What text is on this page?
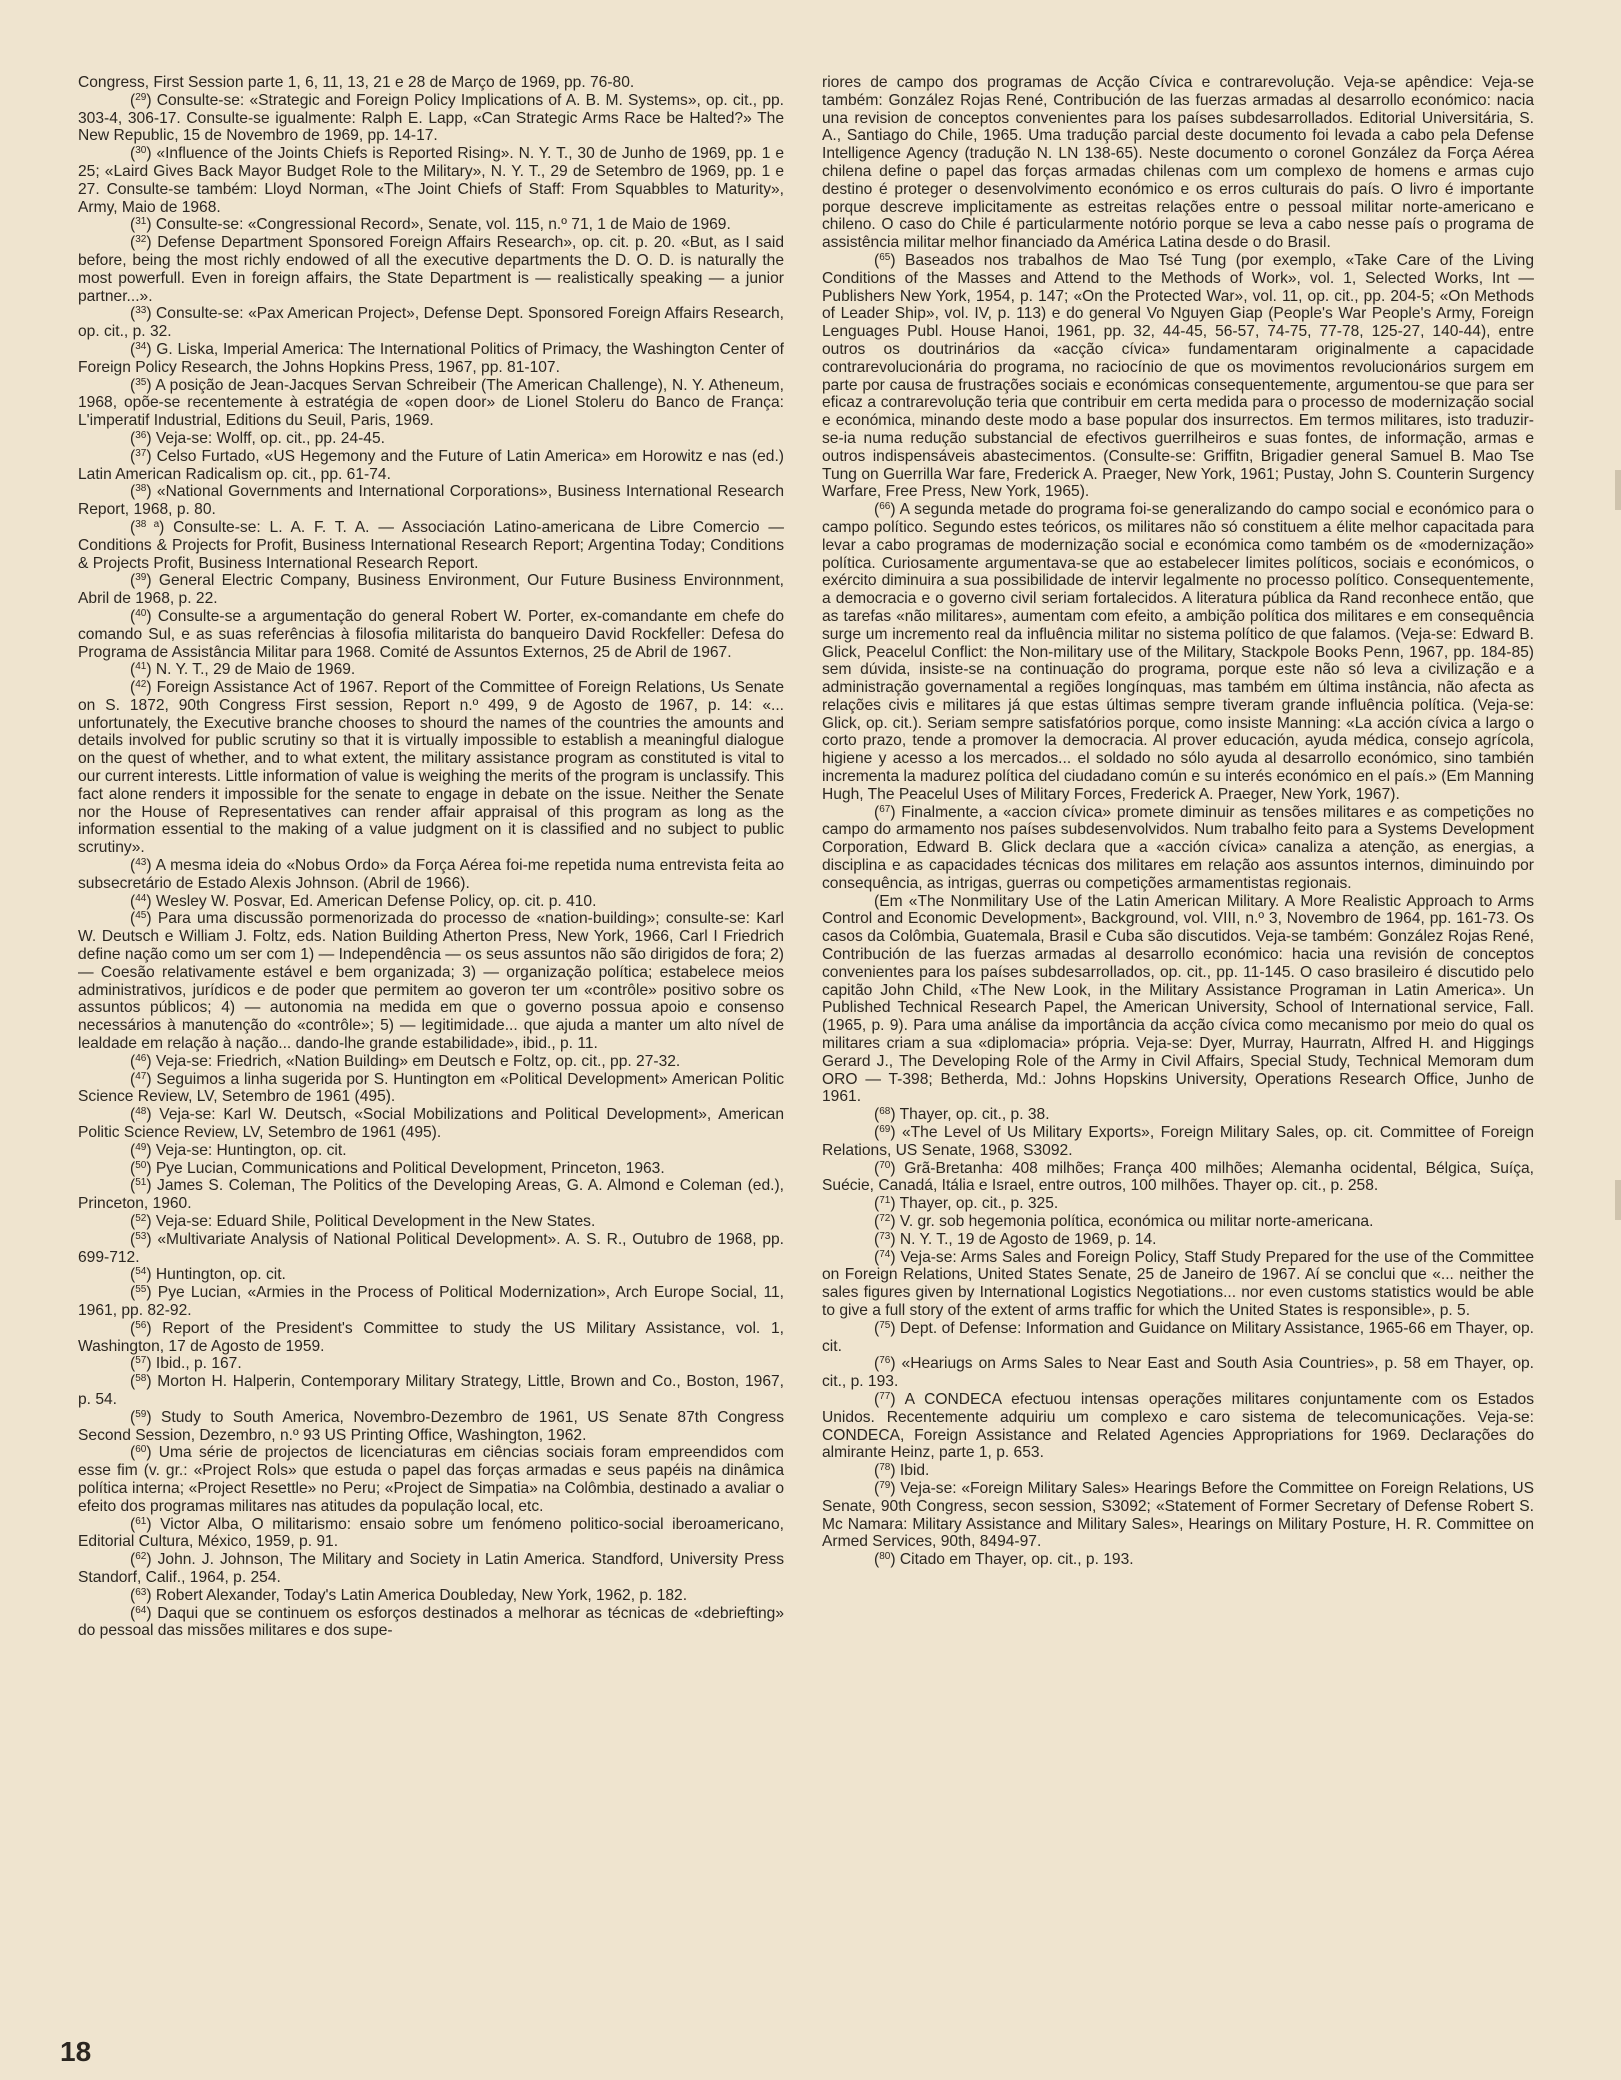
Congress, First Session parte 1, 6, 11, 13, 21 e 28 de Março de 1969, pp. 76-80.

($^{29}$) Consulte-se: «Strategic and Foreign Policy Implications of A. B. M. Systems», op. cit., pp. 303-4, 306-17. Consulte-se igualmente: Ralph E. Lapp, «Can Strategic Arms Race be Halted?» The New Republic, 15 de Novembro de 1969, pp. 14-17.

($^{30}$) «Influence of the Joints Chiefs is Reported Rising». N. Y. T., 30 de Junho de 1969, pp. 1 e 25; «Laird Gives Back Mayor Budget Role to the Military», N. Y. T., 29 de Setembro de 1969, pp. 1 e 27. Consulte-se também: Lloyd Norman, «The Joint Chiefs of Staff: From Squabbles to Maturity», Army, Maio de 1968.

($^{31}$) Consulte-se: «Congressional Record», Senate, vol. 115, n.º 71, 1 de Maio de 1969.

($^{32}$) Defense Department Sponsored Foreign Affairs Research», op. cit. p. 20. «But, as I said before, being the most richly endowed of all the executive departments the D. O. D. is naturally the most powerfull. Even in foreign affairs, the State Department is — realistically speaking — a junior partner...».

($^{33}$) Consulte-se: «Pax American Project», Defense Dept. Sponsored Foreign Affairs Research, op. cit., p. 32.

($^{34}$) G. Liska, Imperial America: The International Politics of Primacy, the Washington Center of Foreign Policy Research, the Johns Hopkins Press, 1967, pp. 81-107.

($^{35}$) A posição de Jean-Jacques Servan Schreibeir (The American Challenge), N. Y. Atheneum, 1968, opõe-se recentemente à estratégia de «open door» de Lionel Stoleru do Banco de França: L'imperatif Industrial, Editions du Seuil, Paris, 1969.

($^{36}$) Veja-se: Wolff, op. cit., pp. 24-45.

($^{37}$) Celso Furtado, «US Hegemony and the Future of Latin America» em Horowitz e nas (ed.) Latin American Radicalism op. cit., pp. 61-74.

($^{38}$) «National Governments and International Corporations», Business International Research Report, 1968, p. 80.

($^{38 a}$) Consulte-se: L. A. F. T. A. — Associación Latino-americana de Libre Comercio — Conditions & Projects for Profit, Business International Research Report; Argentina Today; Conditions & Projects Profit, Business International Research Report.

($^{39}$) General Electric Company, Business Environment, Our Future Business Environnment, Abril de 1968, p. 22.

($^{40}$) Consulte-se a argumentação do general Robert W. Porter, ex-comandante em chefe do comando Sul, e as suas referências à filosofia militarista do banqueiro David Rockfeller: Defesa do Programa de Assistância Militar para 1968. Comité de Assuntos Externos, 25 de Abril de 1967.

($^{41}$) N. Y. T., 29 de Maio de 1969.

($^{42}$) Foreign Assistance Act of 1967. Report of the Committee of Foreign Relations, Us Senate on S. 1872, 90th Congress First session, Report n.º 499, 9 de Agosto de 1967, p. 14: «... unfortunately, the Executive branche chooses to shourd the names of the countries the amounts and details involved for public scrutiny so that it is virtually impossible to establish a meaningful dialogue on the quest of whether, and to what extent, the military assistance program as constituted is vital to our current interests. Little information of value is weighing the merits of the program is unclassify. This fact alone renders it impossible for the senate to engage in debate on the issue. Neither the Senate nor the House of Representatives can render affair appraisal of this program as long as the information essential to the making of a value judgment on it is classified and no subject to public scrutiny».

($^{43}$) A mesma ideia do «Nobus Ordo» da Força Aérea foi-me repetida numa entrevista feita ao subsecretário de Estado Alexis Johnson. (Abril de 1966).

($^{44}$) Wesley W. Posvar, Ed. American Defense Policy, op. cit. p. 410.

($^{45}$) Para uma discussão pormenorizada do processo de «nation-building»; consulte-se: Karl W. Deutsch e William J. Foltz, eds. Nation Building Atherton Press, New York, 1966, Carl I Friedrich define nação como um ser com 1) — Independência — os seus assuntos não são dirigidos de fora; 2) — Coesão relativamente estável e bem organizada; 3) — organização política; estabelece meios administrativos, jurídicos e de poder que permitem ao goveron ter um «contrôle» positivo sobre os assuntos públicos; 4) — autonomia na medida em que o governo possua apoio e consenso necessários à manutenção do «contrôle»; 5) — legitimidade... que ajuda a manter um alto nível de lealdade em relação à nação... dando-lhe grande estabilidade», ibid., p. 11.

($^{46}$) Veja-se: Friedrich, «Nation Building» em Deutsch e Foltz, op. cit., pp. 27-32.

($^{47}$) Seguimos a linha sugerida por S. Huntington em «Political Development» American Politic Science Review, LV, Setembro de 1961 (495).

($^{48}$) Veja-se: Karl W. Deutsch, «Social Mobilizations and Political Development», American Politic Science Review, LV, Setembro de 1961 (495).

($^{49}$) Veja-se: Huntington, op. cit.

($^{50}$) Pye Lucian, Communications and Political Development, Princeton, 1963.

($^{51}$) James S. Coleman, The Politics of the Developing Areas, G. A. Almond e Coleman (ed.), Princeton, 1960.

($^{52}$) Veja-se: Eduard Shile, Political Development in the New States.

($^{53}$) «Multivariate Analysis of National Political Development». A. S. R., Outubro de 1968, pp. 699-712.

($^{54}$) Huntington, op. cit.

($^{55}$) Pye Lucian, «Armies in the Process of Political Modernization», Arch Europe Social, 11, 1961, pp. 82-92.

($^{56}$) Report of the President's Committee to study the US Military Assistance, vol. 1, Washington, 17 de Agosto de 1959.

($^{57}$) Ibid., p. 167.

($^{58}$) Morton H. Halperin, Contemporary Military Strategy, Little, Brown and Co., Boston, 1967, p. 54.

($^{59}$) Study to South America, Novembro-Dezembro de 1961, US Senate 87th Congress Second Session, Dezembro, n.º 93 US Printing Office, Washington, 1962.

($^{60}$) Uma série de projectos de licenciaturas em ciências sociais foram empreendidos com esse fim (v. gr.: «Project Rols» que estuda o papel das forças armadas e seus papéis na dinâmica política interna; «Project Resettle» no Peru; «Project de Simpatia» na Colômbia, destinado a avaliar o efeito dos programas militares nas atitudes da população local, etc.

($^{61}$) Victor Alba, O militarismo: ensaio sobre um fenómeno politico-social iberoamericano, Editorial Cultura, México, 1959, p. 91.

($^{62}$) John. J. Johnson, The Military and Society in Latin America. Standford, University Press Standorf, Calif., 1964, p. 254.

($^{63}$) Robert Alexander, Today's Latin America Doubleday, New York, 1962, p. 182.

($^{64}$) Daqui que se continuem os esforços destinados a melhorar as técnicas de «debriefting» do pessoal das missões militares e dos supe-

riores de campo dos programas de Acção Cívica e contrarevolução. Veja-se apêndice: Veja-se também: González Rojas René, Contribución de las fuerzas armadas al desarrollo económico: nacia una revision de conceptos convenientes para los países subdesarrollados. Editorial Universitária, S. A., Santiago do Chile, 1965. Uma tradução parcial deste documento foi levada a cabo pela Defense Intelligence Agency (tradução N. LN 138-65). Neste documento o coronel González da Força Aérea chilena define o papel das forças armadas chilenas com um complexo de homens e armas cujo destino é proteger o desenvolvimento económico e os erros culturais do país. O livro é importante porque descreve implicitamente as estreitas relações entre o pessoal militar norte-americano e chileno. O caso do Chile é particularmente notório porque se leva a cabo nesse país o programa de assistência militar melhor financiado da América Latina desde o do Brasil.

($^{65}$) Baseados nos trabalhos de Mao Tsé Tung (por exemplo, «Take Care of the Living Conditions of the Masses and Attend to the Methods of Work», vol. 1, Selected Works, Int — Publishers New York, 1954, p. 147; «On the Protected War», vol. 11, op. cit., pp. 204-5; «On Methods of Leader Ship», vol. IV, p. 113) e do general Vo Nguyen Giap (People's War People's Army, Foreign Lenguages Publ. House Hanoi, 1961, pp. 32, 44-45, 56-57, 74-75, 77-78, 125-27, 140-44), entre outros os doutrinários da «acção cívica» fundamentaram originalmente a capacidade contrarevolucionária do programa, no raciocínio de que os movimentos revolucionários surgem em parte por causa de frustrações sociais e económicas consequentemente, argumentou-se que para ser eficaz a contrarevolução teria que contribuir em certa medida para o processo de modernização social e económica, minando deste modo a base popular dos insurrectos. Em termos militares, isto traduzir-se-ia numa redução substancial de efectivos guerrilheiros e suas fontes, de informação, armas e outros indispensáveis abastecimentos. (Consulte-se: Griffitn, Brigadier general Samuel B. Mao Tse Tung on Guerrilla War fare, Frederick A. Praeger, New York, 1961; Pustay, John S. Counterin Surgency Warfare, Free Press, New York, 1965).

($^{66}$) A segunda metade do programa foi-se generalizando do campo social e económico para o campo político. Segundo estes teóricos, os militares não só constituem a élite melhor capacitada para levar a cabo programas de modernização social e económica como também os de «modernização» política. Curiosamente argumentava-se que ao estabelecer limites políticos, sociais e económicos, o exército diminuira a sua possibilidade de intervir legalmente no processo político. Consequentemente, a democracia e o governo civil seriam fortalecidos. A literatura pública da Rand reconhece então, que as tarefas «não militares», aumentam com efeito, a ambição política dos militares e em consequência surge um incremento real da influência militar no sistema político de que falamos. (Veja-se: Edward B. Glick, Peacelul Conflict: the Non-military use of the Military, Stackpole Books Penn, 1967, pp. 184-85) sem dúvida, insiste-se na continuação do programa, porque este não só leva a civilização e a administração governamental a regiões longínquas, mas também em última instância, não afecta as relações civis e militares já que estas últimas sempre tiveram grande influência política. (Veja-se: Glick, op. cit.). Seriam sempre satisfatórios porque, como insiste Manning: «La acción cívica a largo o corto prazo, tende a promover la democracia. Al prover educación, ayuda médica, consejo agrícola, higiene y acesso a los mercados... el soldado no sólo ayuda al desarrollo económico, sino también incrementa la madurez política del ciudadano común e su interés económico en el país.» (Em Manning Hugh, The Peacelul Uses of Military Forces, Frederick A. Praeger, New York, 1967).

($^{67}$) Finalmente, a «accion cívica» promete diminuir as tensões militares e as competições no campo do armamento nos países subdesenvolvidos. Num trabalho feito para a Systems Development Corporation, Edward B. Glick declara que a «acción cívica» canaliza a atenção, as energias, a disciplina e as capacidades técnicas dos militares em relação aos assuntos internos, diminuindo por consequência, as intrigas, guerras ou competições armamentistas regionais.

(Em «The Nonmilitary Use of the Latin American Military. A More Realistic Approach to Arms Control and Economic Development», Background, vol. VIII, n.º 3, Novembro de 1964, pp. 161-73. Os casos da Colômbia, Guatemala, Brasil e Cuba são discutidos. Veja-se também: González Rojas René, Contribución de las fuerzas armadas al desarrollo económico: hacia una revisión de conceptos convenientes para los países subdesarrollados, op. cit., pp. 11-145. O caso brasileiro é discutido pelo capitão John Child, «The New Look, in the Military Assistance Programan in Latin America». Un Published Technical Research Papel, the American University, School of International service, Fall. (1965, p. 9). Para uma análise da importância da acção cívica como mecanismo por meio do qual os militares criam a sua «diplomacia» própria. Veja-se: Dyer, Murray, Haurratn, Alfred H. and Higgings Gerard J., The Developing Role of the Army in Civil Affairs, Special Study, Technical Memoram dum ORO — T-398; Betherda, Md.: Johns Hopskins University, Operations Research Office, Junho de 1961.

($^{68}$) Thayer, op. cit., p. 38.

($^{69}$) «The Level of Us Military Exports», Foreign Military Sales, op. cit. Committee of Foreign Relations, US Senate, 1968, S3092.

($^{70}$) Grã-Bretanha: 408 milhões; França 400 milhões; Alemanha ocidental, Bélgica, Suíça, Suécie, Canadá, Itália e Israel, entre outros, 100 milhões. Thayer op. cit., p. 258.

($^{71}$) Thayer, op. cit., p. 325.

($^{72}$) V. gr. sob hegemonia política, económica ou militar norte-americana.

($^{73}$) N. Y. T., 19 de Agosto de 1969, p. 14.

($^{74}$) Veja-se: Arms Sales and Foreign Policy, Staff Study Prepared for the use of the Committee on Foreign Relations, United States Senate, 25 de Janeiro de 1967. Aí se conclui que «... neither the sales figures given by International Logistics Negotiations... nor even customs statistics would be able to give a full story of the extent of arms traffic for which the United States is responsible», p. 5.

($^{75}$) Dept. of Defense: Information and Guidance on Military Assistance, 1965-66 em Thayer, op. cit.

($^{76}$) «Heariugs on Arms Sales to Near East and South Asia Countries», p. 58 em Thayer, op. cit., p. 193.

($^{77}$) A CONDECA efectuou intensas operações militares conjuntamente com os Estados Unidos. Recentemente adquiriu um complexo e caro sistema de telecomunicações. Veja-se: CONDECA, Foreign Assistance and Related Agencies Appropriations for 1969. Declarações do almirante Heinz, parte 1, p. 653.

($^{78}$) Ibid.

($^{79}$) Veja-se: «Foreign Military Sales» Hearings Before the Committee on Foreign Relations, US Senate, 90th Congress, secon session, S3092; «Statement of Former Secretary of Defense Robert S. Mc Namara: Military Assistance and Military Sales», Hearings on Military Posture, H. R. Committee on Armed Services, 90th, 8494-97.

($^{80}$) Citado em Thayer, op. cit., p. 193.

18
